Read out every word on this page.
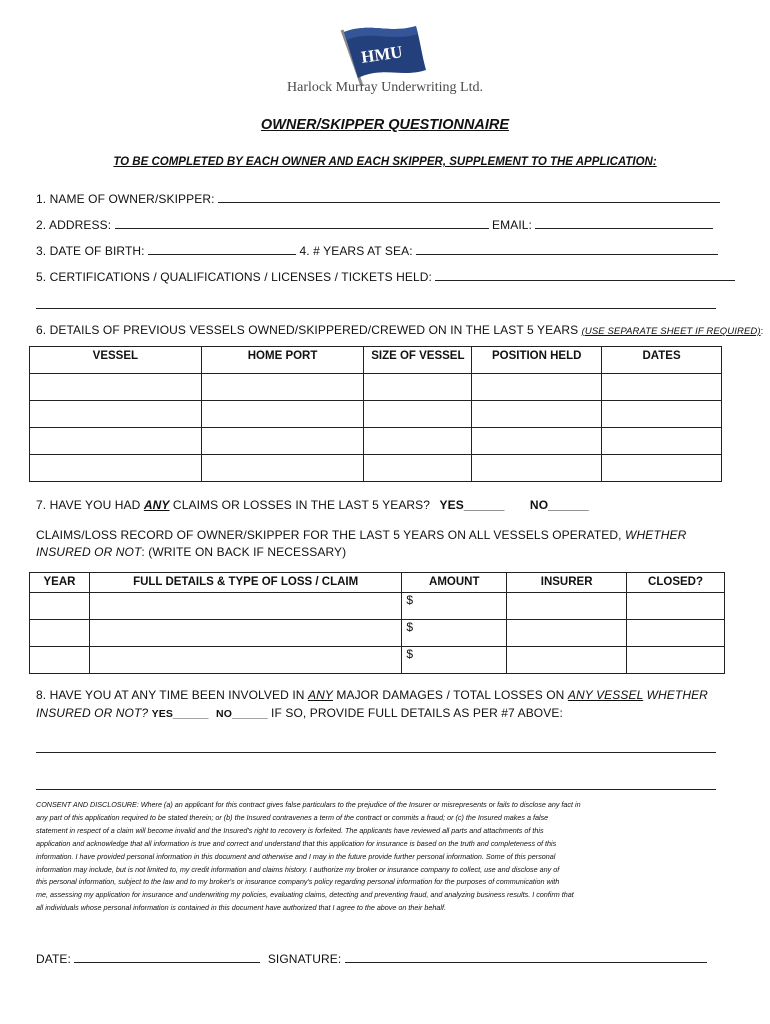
HMU
Harlock Murray Underwriting Ltd.
OWNER/SKIPPER QUESTIONNAIRE
TO BE COMPLETED BY EACH OWNER AND EACH SKIPPER, SUPPLEMENT TO THE APPLICATION:
1. NAME OF OWNER/SKIPPER:
2. ADDRESS:	EMAIL:
3. DATE OF BIRTH:	4. # YEARS AT SEA:
5. CERTIFICATIONS / QUALIFICATIONS / LICENSES / TICKETS HELD:
6. DETAILS OF PREVIOUS VESSELS OWNED/SKIPPERED/CREWED ON IN THE LAST 5 YEARS (USE SEPARATE SHEET IF REQUIRED):
VESSEL	HOME PORT	SIZE OF VESSEL	POSITION HELD	DATES

7. HAVE YOU HAD ANY CLAIMS OR LOSSES IN THE LAST 5 YEARS? YES______ NO______
CLAIMS/LOSS RECORD OF OWNER/SKIPPER FOR THE LAST 5 YEARS ON ALL VESSELS OPERATED, WHETHER
INSURED OR NOT: (WRITE ON BACK IF NECESSARY)
YEAR	FULL DETAILS & TYPE OF LOSS / CLAIM	AMOUNT	INSURER	CLOSED?
		$		
		$		
		$		
8. HAVE YOU AT ANY TIME BEEN INVOLVED IN ANY MAJOR DAMAGES / TOTAL LOSSES ON ANY VESSEL WHETHER
INSURED OR NOT? YES______ NO______ IF SO, PROVIDE FULL DETAILS AS PER #7 ABOVE:
CONSENT AND DISCLOSURE: Where (a) an applicant for this contract gives false particulars to the prejudice of the Insurer or misrepresents or fails to disclose any fact in
any part of this application required to be stated therein; or (b) the Insured contravenes a term of the contract or commits a fraud; or (c) the Insured makes a false
statement in respect of a claim will become invalid and the Insured's right to recovery is forfeited. The applicants have reviewed all parts and attachments of this
application and acknowledge that all information is true and correct and understand that this application for insurance is based on the truth and completeness of this
information. I have provided personal information in this document and otherwise and I may in the future provide further personal information. Some of this personal
information may include, but is not limited to, my credit information and claims history. I authorize my broker or insurance company to collect, use and disclose any of
this personal information, subject to the law and to my broker's or insurance company's policy regarding personal information for the purposes of communication with
me, assessing my application for insurance and underwriting my policies, evaluating claims, detecting and preventing fraud, and analyzing business results. I confirm that
all individuals whose personal information is contained in this document have authorized that I agree to the above on their behalf.
DATE:	SIGNATURE:
